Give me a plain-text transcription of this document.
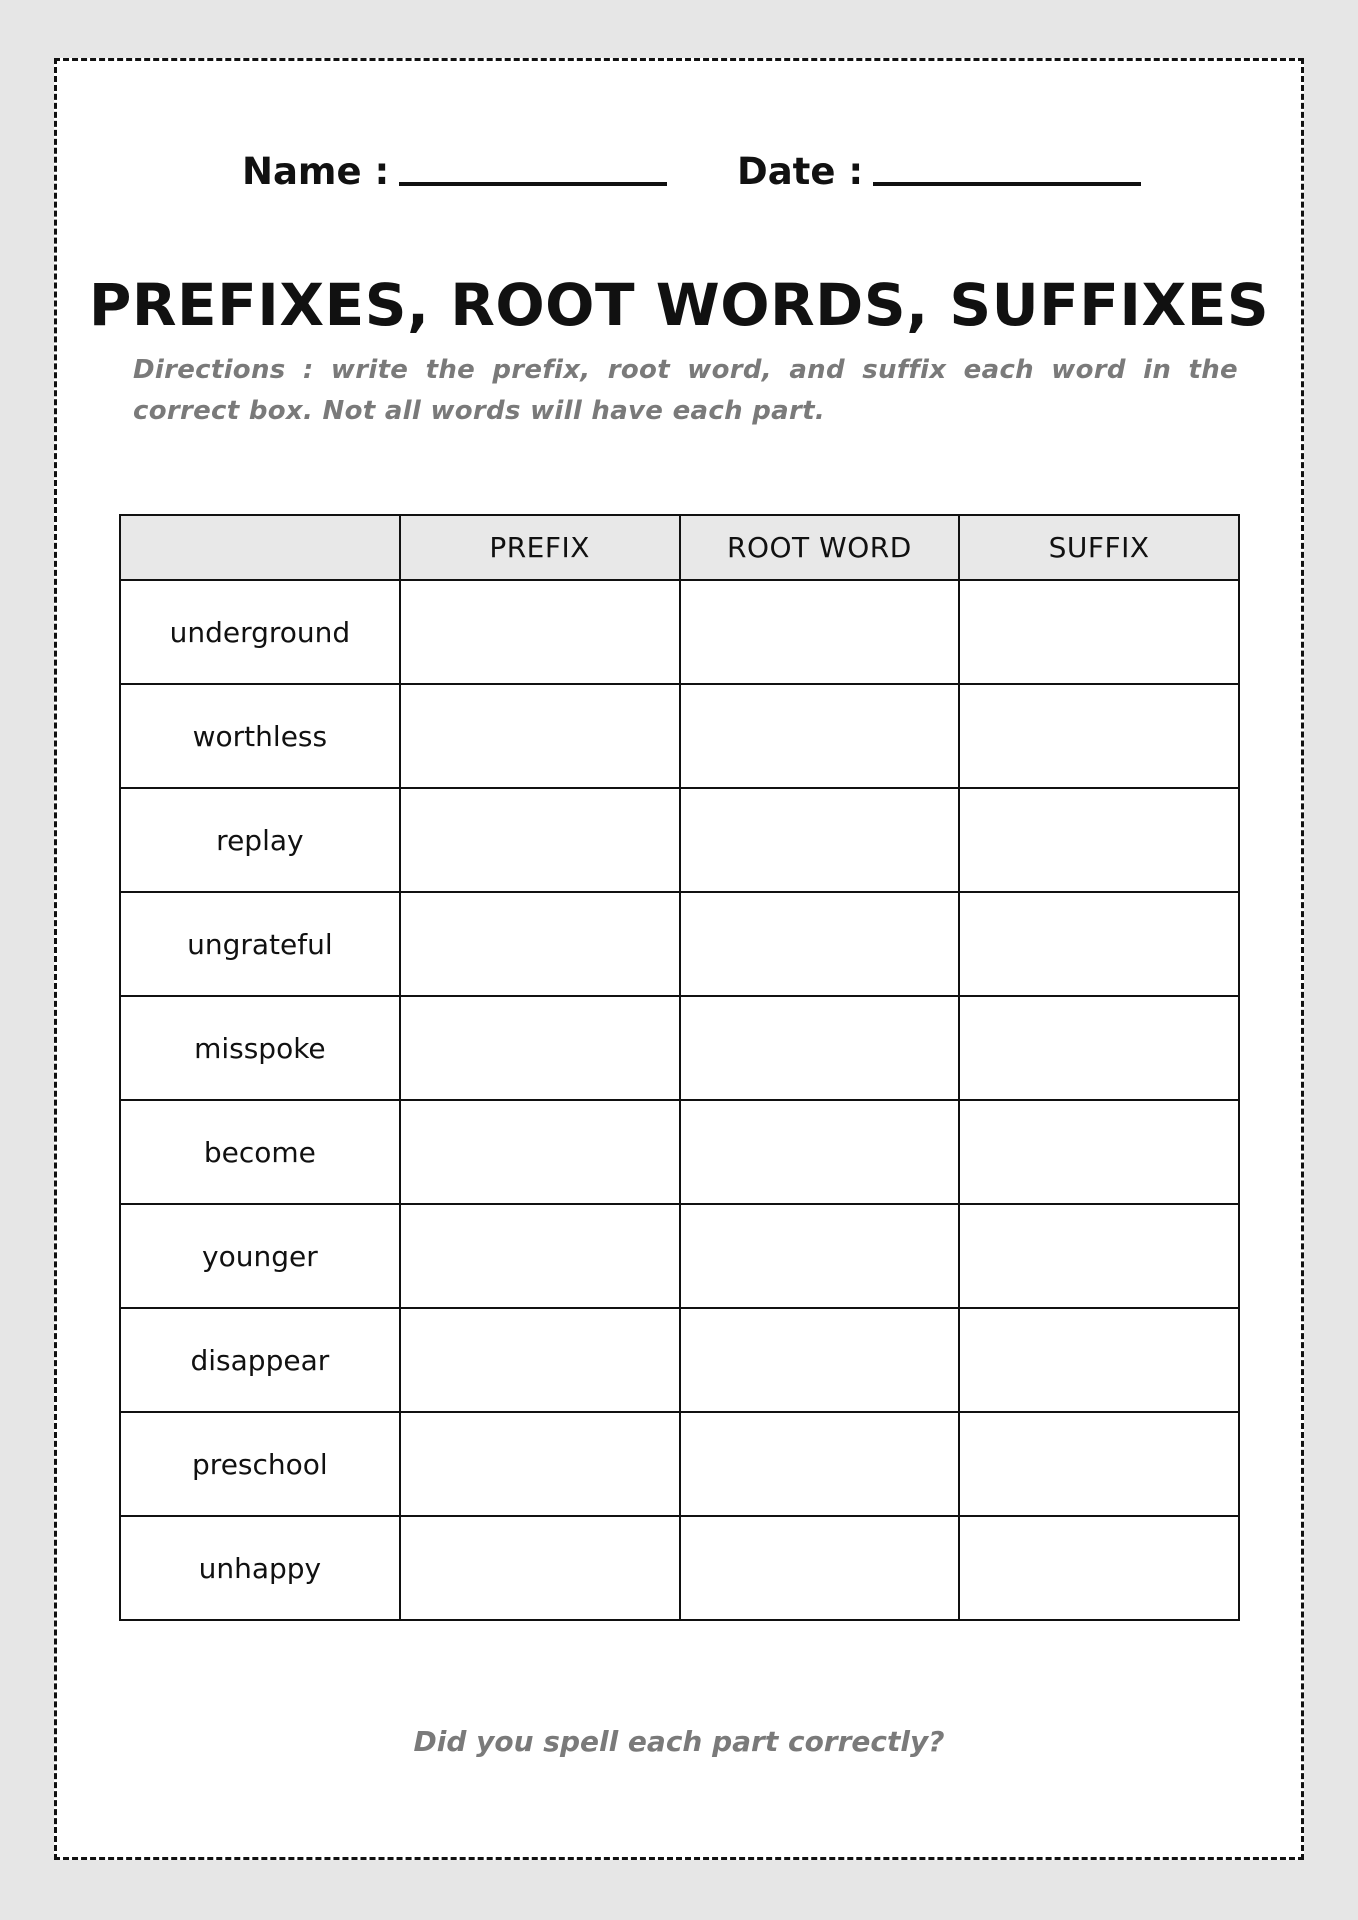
Name :	Date :
PREFIXES, ROOT WORDS, SUFFIXES
Directions : write the prefix, root word, and suffix each word in the correct box. Not all words will have each part.
	PREFIX	ROOT WORD	SUFFIX
underground			
worthless			
replay			
ungrateful			
misspoke			
become			
younger			
disappear			
preschool			
unhappy			
Did you spell each part correctly?
